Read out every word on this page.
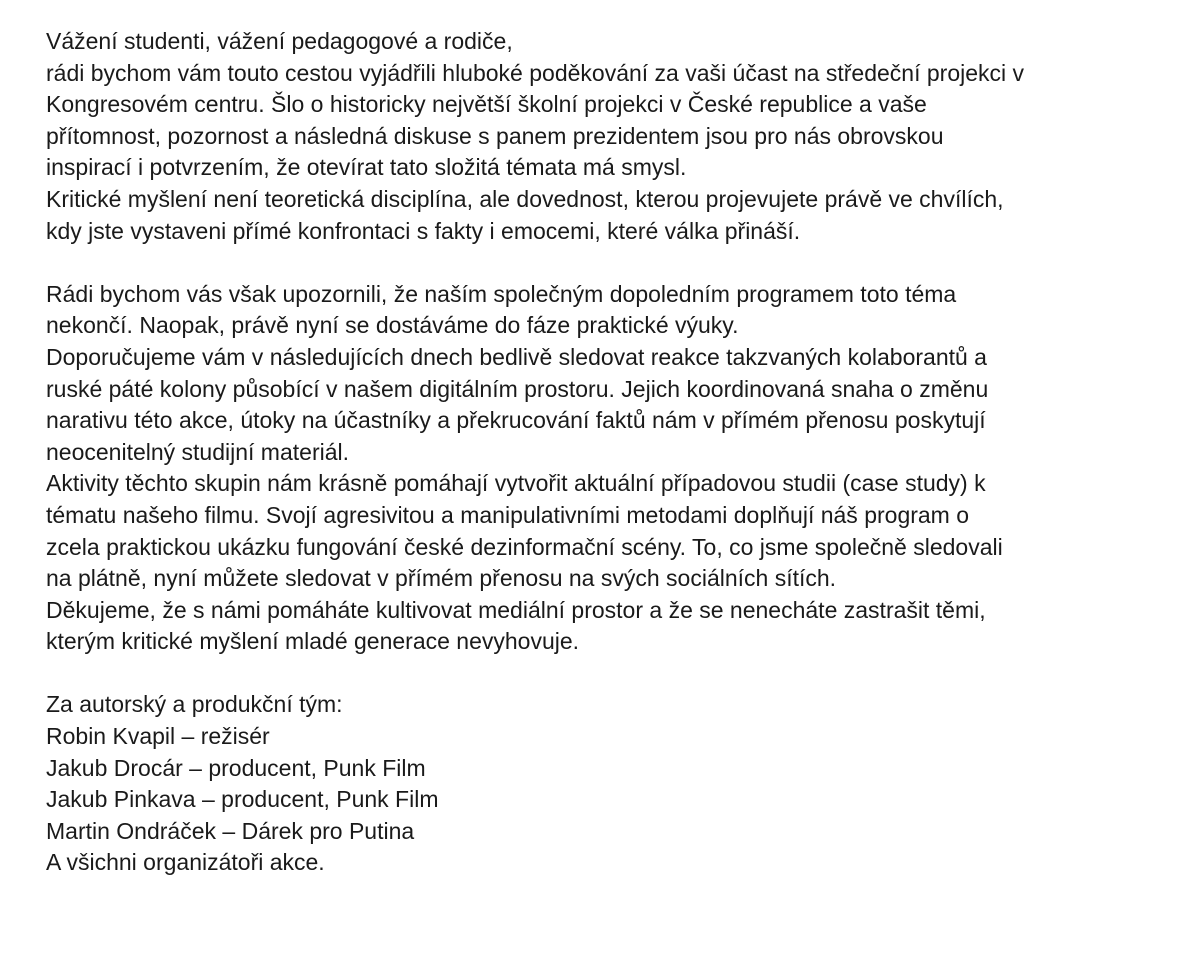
Vážení studenti, vážení pedagogové a rodiče,
rádi bychom vám touto cestou vyjádřili hluboké poděkování za vaši účast na středeční projekci v
Kongresovém centru. Šlo o historicky největší školní projekci v České republice a vaše
přítomnost, pozornost a následná diskuse s panem prezidentem jsou pro nás obrovskou
inspirací i potvrzením, že otevírat tato složitá témata má smysl.
Kritické myšlení není teoretická disciplína, ale dovednost, kterou projevujete právě ve chvílích,
kdy jste vystaveni přímé konfrontaci s fakty i emocemi, které válka přináší.
Rádi bychom vás však upozornili, že naším společným dopoledním programem toto téma
nekončí. Naopak, právě nyní se dostáváme do fáze praktické výuky.
Doporučujeme vám v následujících dnech bedlivě sledovat reakce takzvaných kolaborantů a
ruské páté kolony působící v našem digitálním prostoru. Jejich koordinovaná snaha o změnu
narativu této akce, útoky na účastníky a překrucování faktů nám v přímém přenosu poskytují
neocenitelný studijní materiál.
Aktivity těchto skupin nám krásně pomáhají vytvořit aktuální případovou studii (case study) k
tématu našeho filmu. Svojí agresivitou a manipulativními metodami doplňují náš program o
zcela praktickou ukázku fungování české dezinformační scény. To, co jsme společně sledovali
na plátně, nyní můžete sledovat v přímém přenosu na svých sociálních sítích.
Děkujeme, že s námi pomáháte kultivovat mediální prostor a že se nenecháte zastrašit těmi,
kterým kritické myšlení mladé generace nevyhovuje.
Za autorský a produkční tým:
Robin Kvapil – režisér
Jakub Drocár – producent, Punk Film
Jakub Pinkava – producent, Punk Film
Martin Ondráček – Dárek pro Putina
A všichni organizátoři akce.
